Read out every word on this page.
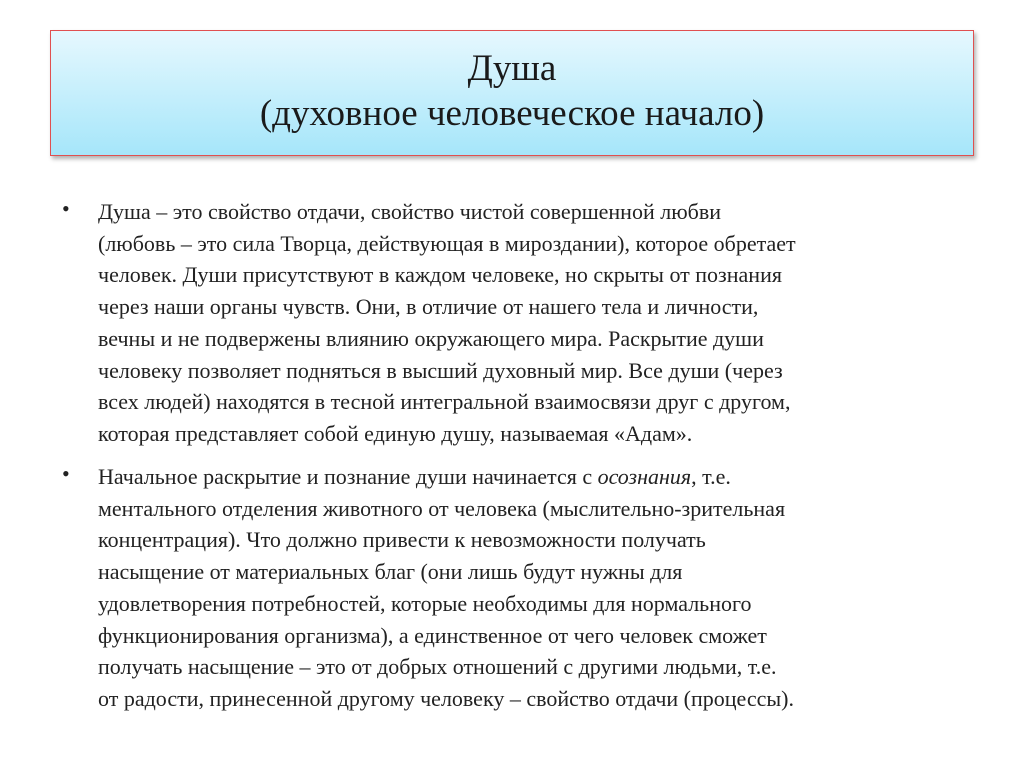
Душа
(духовное человеческое начало)
• Душа – это свойство отдачи, свойство чистой совершенной любви
(любовь – это сила Творца, действующая в мироздании), которое обретает
человек. Души присутствуют в каждом человеке, но скрыты от познания
через наши органы чувств. Они, в отличие от нашего тела и личности,
вечны и не подвержены влиянию окружающего мира. Раскрытие души
человеку позволяет подняться в высший духовный мир. Все души (через
всех людей) находятся в тесной интегральной взаимосвязи друг с другом,
которая представляет собой единую душу, называемая «Адам».
• Начальное раскрытие и познание души начинается с осознания, т.е.
ментального отделения животного от человека (мыслительно-зрительная
концентрация). Что должно привести к невозможности получать
насыщение от материальных благ (они лишь будут нужны для
удовлетворения потребностей, которые необходимы для нормального
функционирования организма), а единственное от чего человек сможет
получать насыщение – это от добрых отношений с другими людьми, т.е.
от радости, принесенной другому человеку – свойство отдачи (процессы).
